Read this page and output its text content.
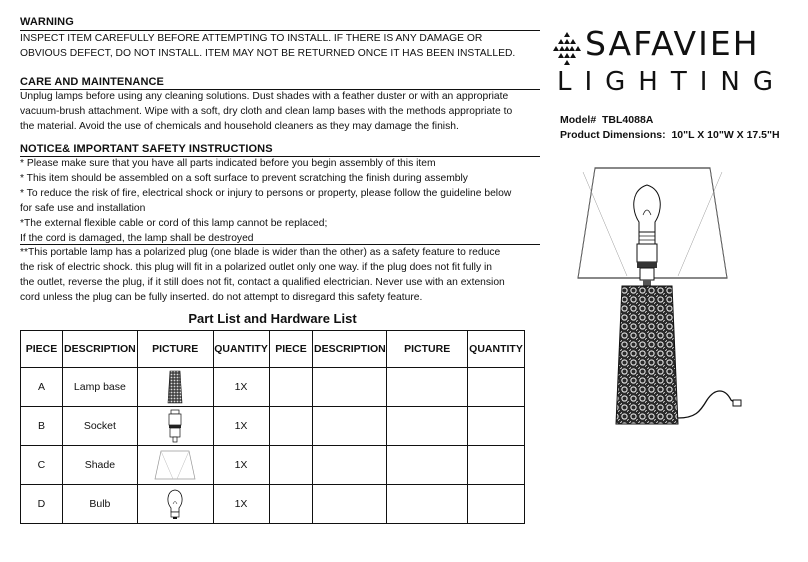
WARNING
INSPECT ITEM CAREFULLY BEFORE ATTEMPTING TO INSTALL. IF THERE IS ANY DAMAGE OR
OBVIOUS DEFECT, DO NOT INSTALL. ITEM MAY NOT BE RETURNED ONCE IT HAS BEEN INSTALLED.
CARE AND MAINTENANCE
Unplug lamps before using any cleaning solutions. Dust shades with a feather duster or with an appropriate
vacuum-brush attachment. Wipe with a soft, dry cloth and clean lamp bases with the methods appropriate to
the material. Avoid the use of chemicals and household cleaners as they may damage the finish.
NOTICE& IMPORTANT SAFETY INSTRUCTIONS
* Please make sure that you have all parts indicated before you begin assembly of this item
* This item should be assembled on a soft surface to prevent scratching the finish during assembly
* To reduce the risk of fire, electrical shock or injury to persons or property, please follow the guideline below
for safe use and installation
*The external flexible cable or cord of this lamp cannot be replaced;
If the cord is damaged, the lamp shall be destroyed
**This portable lamp has a polarized plug (one blade is wider than the other) as a safety feature to reduce
the risk of electric shock. this plug will fit in a polarized outlet only one way. if the plug does not fit fully in
the outlet, reverse the plug, if it still does not fit, contact a qualified electrician. Never use with an extension
cord unless the plug can be fully inserted. do not attempt to disregard this safety feature.
SAFAVIEH
LIGHTING
Model# TBL4088A
Product Dimensions: 10"L X 10"W X 17.5"H
Part List and Hardware List
PIECE	DESCRIPTION	PICTURE	QUANTITY	PIECE	DESCRIPTION	PICTURE	QUANTITY
A	Lamp base		1X				
B	Socket		1X				
C	Shade		1X				
D	Bulb		1X				
